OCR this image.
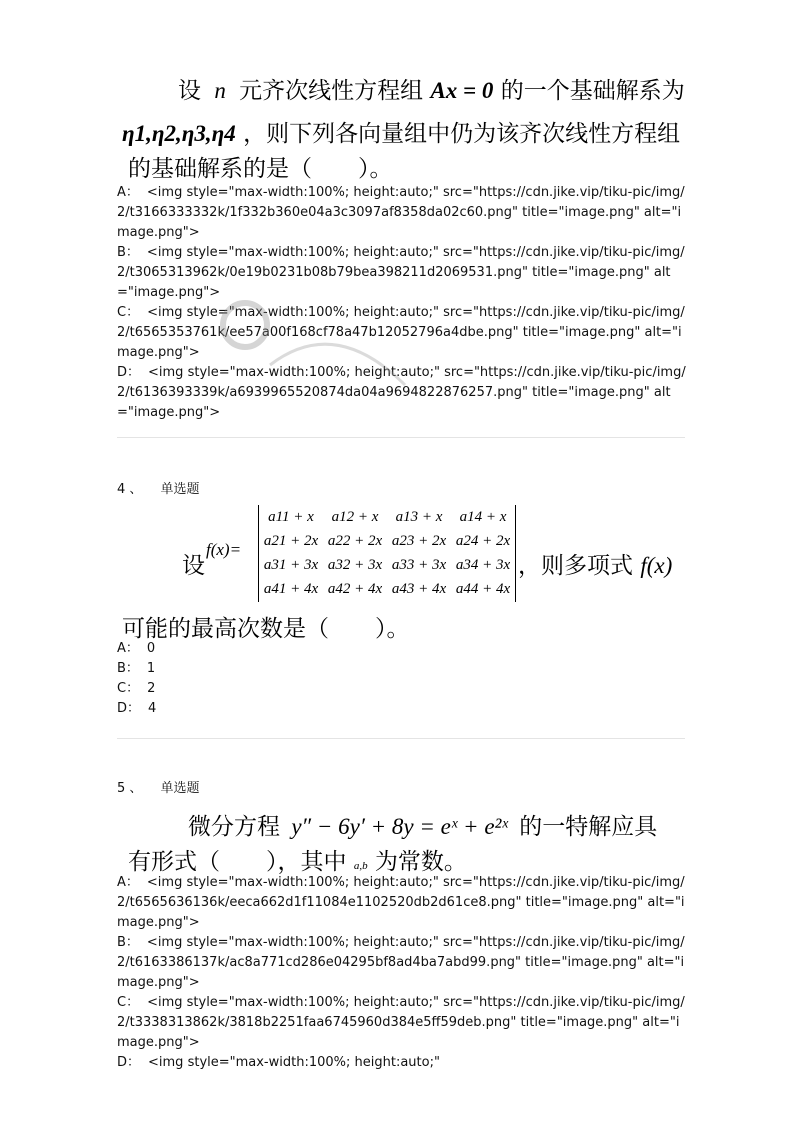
设 n 元齐次线性方程组 Ax = 0 的一个基础解系为
η1,η2,η3,η4 ，则下列各向量组中仍为该齐次线性方程组
的基础解系的是（　　）。
A： <img style="max-width:100%; height:auto;" src="https://cdn.jike.vip/tiku-pic/img/2/t3166333332k/1f332b360e04a3c3097af8358da02c60.png" title="image.png" alt="image.png">
B： <img style="max-width:100%; height:auto;" src="https://cdn.jike.vip/tiku-pic/img/2/t3065313962k/0e19b0231b08b79bea398211d2069531.png" title="image.png" alt="image.png">
C： <img style="max-width:100%; height:auto;" src="https://cdn.jike.vip/tiku-pic/img/2/t6565353761k/ee57a00f168cf78a47b12052796a4dbe.png" title="image.png" alt="image.png">
D： <img style="max-width:100%; height:auto;" src="https://cdn.jike.vip/tiku-pic/img/2/t6136393339k/a6939965520874da04a9694822876257.png" title="image.png" alt="image.png">
4 、 单选题
设
f(x)=
a11 + x	a12 + x	a13 + x	a14 + x
a21 + 2x	a22 + 2x	a23 + 2x	a24 + 2x
a31 + 3x	a32 + 3x	a33 + 3x	a34 + 3x
a41 + 4x	a42 + 4x	a43 + 4x	a44 + 4x
，则多项式 f(x)
可能的最高次数是（　　）。
A： 0
B： 1
C： 2
D： 4
5 、 单选题
微分方程 y″ − 6y′ + 8y = eˣ + e²ˣ 的一特解应具
有形式（　　），其中 a,b 为常数。
A： <img style="max-width:100%; height:auto;" src="https://cdn.jike.vip/tiku-pic/img/2/t6565636136k/eeca662d1f11084e1102520db2d61ce8.png" title="image.png" alt="image.png">
B： <img style="max-width:100%; height:auto;" src="https://cdn.jike.vip/tiku-pic/img/2/t6163386137k/ac8a771cd286e04295bf8ad4ba7abd99.png" title="image.png" alt="image.png">
C： <img style="max-width:100%; height:auto;" src="https://cdn.jike.vip/tiku-pic/img/2/t3338313862k/3818b2251faa6745960d384e5ff59deb.png" title="image.png" alt="image.png">
D： <img style="max-width:100%; height:auto;"
